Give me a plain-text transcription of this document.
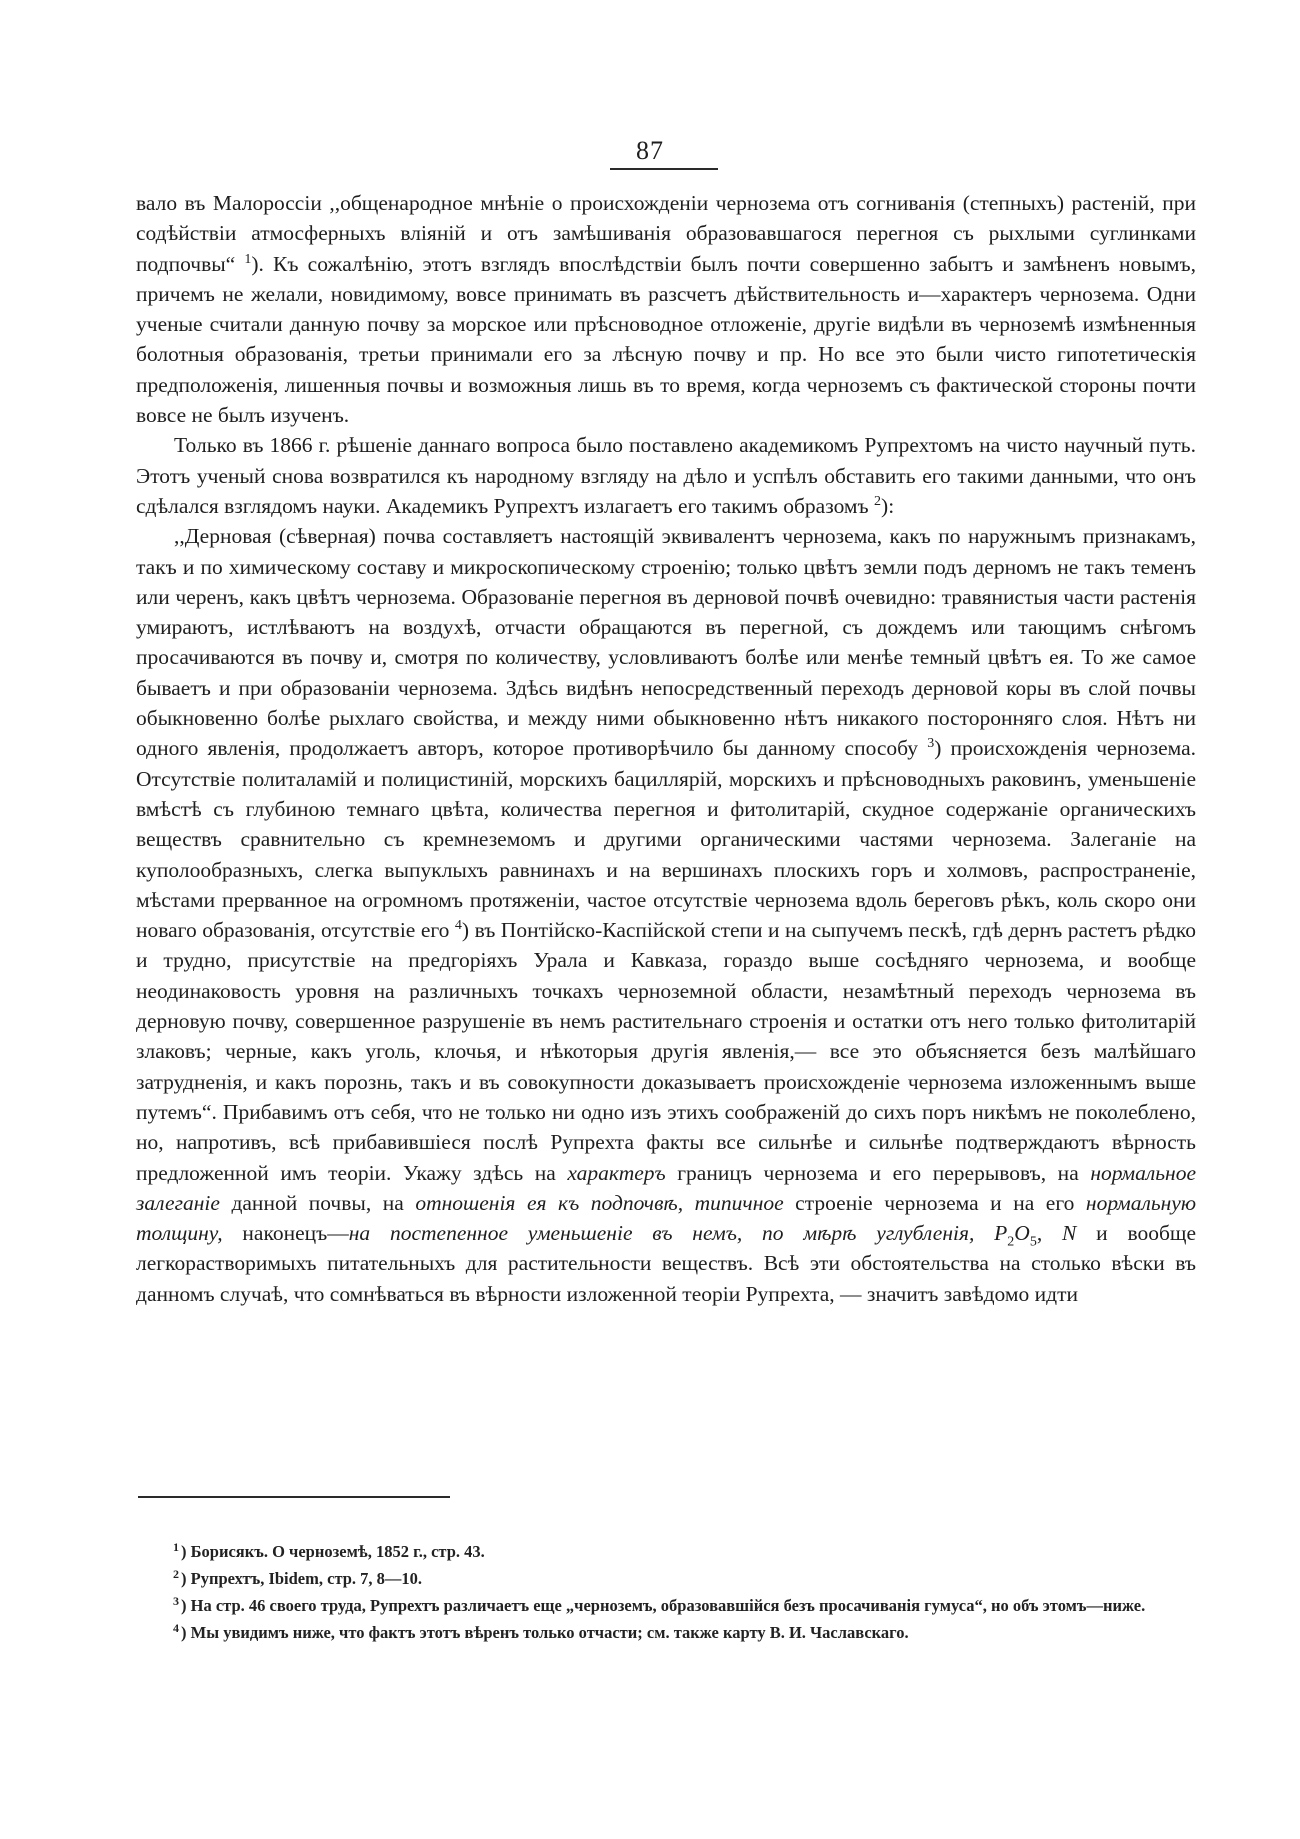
87

вало въ Малороссіи ,,общенародное мнѣніе о происхожденіи чернозема отъ согниванія (степныхъ) растеній, при содѣйствіи атмосферныхъ вліяній и отъ замѣшиванія образовавшагося перегноя съ рыхлыми суглинками подпочвы“ $^1$). Къ сожалѣнію, этотъ взглядъ впослѣдствіи былъ почти совершенно забытъ и замѣненъ новымъ, причемъ не желали, новидимому, вовсе принимать въ разсчетъ дѣйствительность и—характеръ чернозема. Одни ученые считали данную почву за морское или прѣсноводное отложеніе, другіе видѣли въ черноземѣ измѣненныя болотныя образованія, третьи принимали его за лѣсную почву и пр. Но все это были чисто гипотетическія предположенія, лишенныя почвы и возможныя лишь въ то время, когда черноземъ съ фактической стороны почти вовсе не былъ изученъ.

Только въ 1866 г. рѣшеніе даннаго вопроса было поставлено академикомъ Рупрехтомъ на чисто научный путь. Этотъ ученый снова возвратился къ народному взгляду на дѣло и успѣлъ обставить его такими данными, что онъ сдѣлался взглядомъ науки. Академикъ Рупрехтъ излагаетъ его такимъ образомъ $^2$):

,,Дерновая (сѣверная) почва составляетъ настоящій эквивалентъ чернозема, какъ по наружнымъ признакамъ, такъ и по химическому составу и микроскопическому строенію; только цвѣтъ земли подъ дерномъ не такъ теменъ или черенъ, какъ цвѣтъ чернозема. Образованіе перегноя въ дерновой почвѣ очевидно: травянистыя части растенія умираютъ, истлѣваютъ на воздухѣ, отчасти обращаются въ перегной, съ дождемъ или тающимъ снѣгомъ просачиваются въ почву и, смотря по количеству, условливаютъ болѣе или менѣе темный цвѣтъ ея. То же самое бываетъ и при образованіи чернозема. Здѣсь видѣнъ непосредственный переходъ дерновой коры въ слой почвы обыкновенно болѣе рыхлаго свойства, и между ними обыкновенно нѣтъ никакого посторонняго слоя. Нѣтъ ни одного явленія, продолжаетъ авторъ, которое противорѣчило бы данному способу $^3$) происхожденія чернозема. Отсутствіе политаламій и полицистиній, морскихъ бациллярій, морскихъ и прѣсноводныхъ раковинъ, уменьшеніе вмѣстѣ съ глубиною темнаго цвѣта, количества перегноя и фитолитарій, скудное содержаніе органическихъ веществъ сравнительно съ кремнеземомъ и другими органическими частями чернозема. Залеганіе на куполообразныхъ, слегка выпуклыхъ равнинахъ и на вершинахъ плоскихъ горъ и холмовъ, распространеніе, мѣстами прерванное на огромномъ протяженіи, частое отсутствіе чернозема вдоль береговъ рѣкъ, коль скоро они новаго образованія, отсутствіе его $^4$) въ Понтійско-Каспійской степи и на сыпучемъ пескѣ, гдѣ дернъ растетъ рѣдко и трудно, присутствіе на предгоріяхъ Урала и Кавказа, гораздо выше сосѣдняго чернозема, и вообще неодинаковость уровня на различныхъ точкахъ черноземной области, незамѣтный переходъ чернозема въ дерновую почву, совершенное разрушеніе въ немъ растительнаго строенія и остатки отъ него только фитолитарій злаковъ; черные, какъ уголь, клочья, и нѣкоторыя другія явленія,— все это объясняется безъ малѣйшаго затрудненія, и какъ порознь, такъ и въ совокупности доказываетъ происхожденіе чернозема изложеннымъ выше путемъ“. Прибавимъ отъ себя, что не только ни одно изъ этихъ соображеній до сихъ поръ никѣмъ не поколеблено, но, напротивъ, всѣ прибавившіеся послѣ Рупрехта факты все сильнѣе и сильнѣе подтверждаютъ вѣрность предложенной имъ теоріи. Укажу здѣсь на характеръ границъ чернозема и его перерывовъ, на нормальное залеганіе данной почвы, на отношенія ея къ подпочвѣ, типичное строеніе чернозема и на его нормальную толщину, наконецъ—на постепенное уменьшеніе въ немъ, по мѣрѣ углубленія, $P_2O_5$, N и вообще легкорастворимыхъ питательныхъ для растительности веществъ. Всѣ эти обстоятельства на столько вѣски въ данномъ случаѣ, что сомнѣваться въ вѣрности изложенной теоріи Рупрехта, — значитъ завѣдомо идти

$^1$ ) Борисякъ. О черноземѣ, 1852 г., стр. 43.

$^2$ ) Рупрехтъ, Ibidem, стр. 7, 8—10.

$^3$ ) На стр. 46 своего труда, Рупрехтъ различаетъ еще „черноземъ, образовавшійся безъ просачиванія гумуса“, но объ этомъ—ниже.

$^4$ ) Мы увидимъ ниже, что фактъ этотъ вѣренъ только отчасти; см. также карту В. И. Чаславскаго.
